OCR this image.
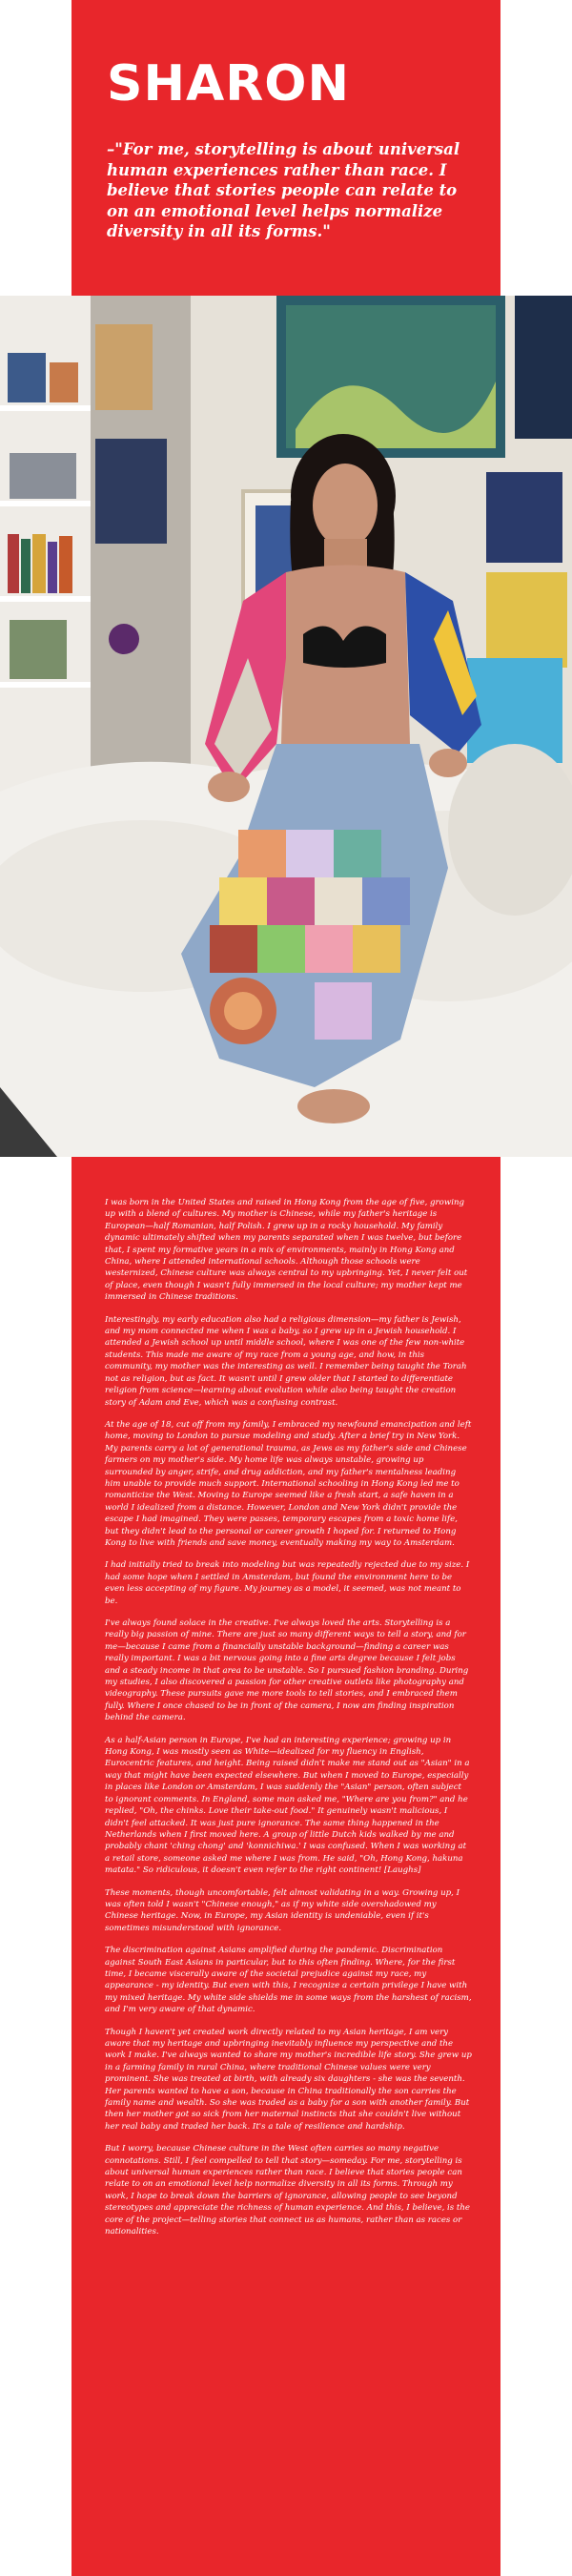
SHARON

–"For me, storytelling is about universal human experiences rather than race. I believe that stories people can relate to on an emotional level helps normalize diversity in all its forms."

I was born in the United States and raised in Hong Kong from the age of five, growing up with a blend of cultures. My mother is Chinese, while my father's heritage is European—half Romanian, half Polish. I grew up in a rocky household. My family dynamic ultimately shifted when my parents separated when I was twelve, but before that, I spent my formative years in a mix of environments, mainly in Hong Kong and China, where I attended international schools. Although those schools were westernized, Chinese culture was always central to my upbringing. Yet, I never felt out of place, even though I wasn't fully immersed in the local culture; my mother kept me immersed in Chinese traditions.

Interestingly, my early education also had a religious dimension—my father is Jewish, and my mom connected me when I was a baby, so I grew up in a Jewish household. I attended a Jewish school up until middle school, where I was one of the few non-white students. This made me aware of my race from a young age, and how, in this community, my mother was the interesting as well. I remember being taught the Torah not as religion, but as fact. It wasn't until I grew older that I started to differentiate religion from science—learning about evolution while also being taught the creation story of Adam and Eve, which was a confusing contrast.

At the age of 18, cut off from my family, I embraced my newfound emancipation and left home, moving to London to pursue modeling and study. After a brief try in New York. My parents carry a lot of generational trauma, as Jews as my father's side and Chinese farmers on my mother's side. My home life was always unstable, growing up surrounded by anger, strife, and drug addiction, and my father's mentalness leading him unable to provide much support. International schooling in Hong Kong led me to romanticize the West. Moving to Europe seemed like a fresh start, a safe haven in a world I idealized from a distance. However, London and New York didn't provide the escape I had imagined. They were passes, temporary escapes from a toxic home life, but they didn't lead to the personal or career growth I hoped for. I returned to Hong Kong to live with friends and save money, eventually making my way to Amsterdam.

I had initially tried to break into modeling but was repeatedly rejected due to my size. I had some hope when I settled in Amsterdam, but found the environment here to be even less accepting of my figure. My journey as a model, it seemed, was not meant to be.

I've always found solace in the creative. I've always loved the arts. Storytelling is a really big passion of mine. There are just so many different ways to tell a story, and for me—because I came from a financially unstable background—finding a career was really important. I was a bit nervous going into a fine arts degree because I felt jobs and a steady income in that area to be unstable. So I pursued fashion branding. During my studies, I also discovered a passion for other creative outlets like photography and videography. These pursuits gave me more tools to tell stories, and I embraced them fully. Where I once chased to be in front of the camera, I now am finding inspiration behind the camera.

As a half-Asian person in Europe, I've had an interesting experience; growing up in Hong Kong, I was mostly seen as White—idealized for my fluency in English, Eurocentric features, and height. Being raised didn't make me stand out as "Asian" in a way that might have been expected elsewhere. But when I moved to Europe, especially in places like London or Amsterdam, I was suddenly the "Asian" person, often subject to ignorant comments. In England, some man asked me, "Where are you from?" and he replied, "Oh, the chinks. Love their take-out food." It genuinely wasn't malicious, I didn't feel attacked. It was just pure ignorance. The same thing happened in the Netherlands when I first moved here. A group of little Dutch kids walked by me and probably chant 'ching chong' and 'konnichiwa.' I was confused. When I was working at a retail store, someone asked me where I was from. He said, "Oh, Hong Kong, hakuna matata." So ridiculous, it doesn't even refer to the right continent! [Laughs]

These moments, though uncomfortable, felt almost validating in a way. Growing up, I was often told I wasn't "Chinese enough," as if my white side overshadowed my Chinese heritage. Now, in Europe, my Asian identity is undeniable, even if it's sometimes misunderstood with ignorance.

The discrimination against Asians amplified during the pandemic. Discrimination against South East Asians in particular, but to this often finding. Where, for the first time, I became viscerally aware of the societal prejudice against my race, my appearance - my identity. But even with this, I recognize a certain privilege I have with my mixed heritage. My white side shields me in some ways from the harshest of racism, and I'm very aware of that dynamic.

Though I haven't yet created work directly related to my Asian heritage, I am very aware that my heritage and upbringing inevitably influence my perspective and the work I make. I've always wanted to share my mother's incredible life story. She grew up in a farming family in rural China, where traditional Chinese values were very prominent. She was treated at birth, with already six daughters - she was the seventh. Her parents wanted to have a son, because in China traditionally the son carries the family name and wealth. So she was traded as a baby for a son with another family. But then her mother got so sick from her maternal instincts that she couldn't live without her real baby and traded her back. It's a tale of resilience and hardship.

But I worry, because Chinese culture in the West often carries so many negative connotations. Still, I feel compelled to tell that story—someday. For me, storytelling is about universal human experiences rather than race. I believe that stories people can relate to on an emotional level help normalize diversity in all its forms. Through my work, I hope to break down the barriers of ignorance, allowing people to see beyond stereotypes and appreciate the richness of human experience. And this, I believe, is the core of the project—telling stories that connect us as humans, rather than as races or nationalities.
